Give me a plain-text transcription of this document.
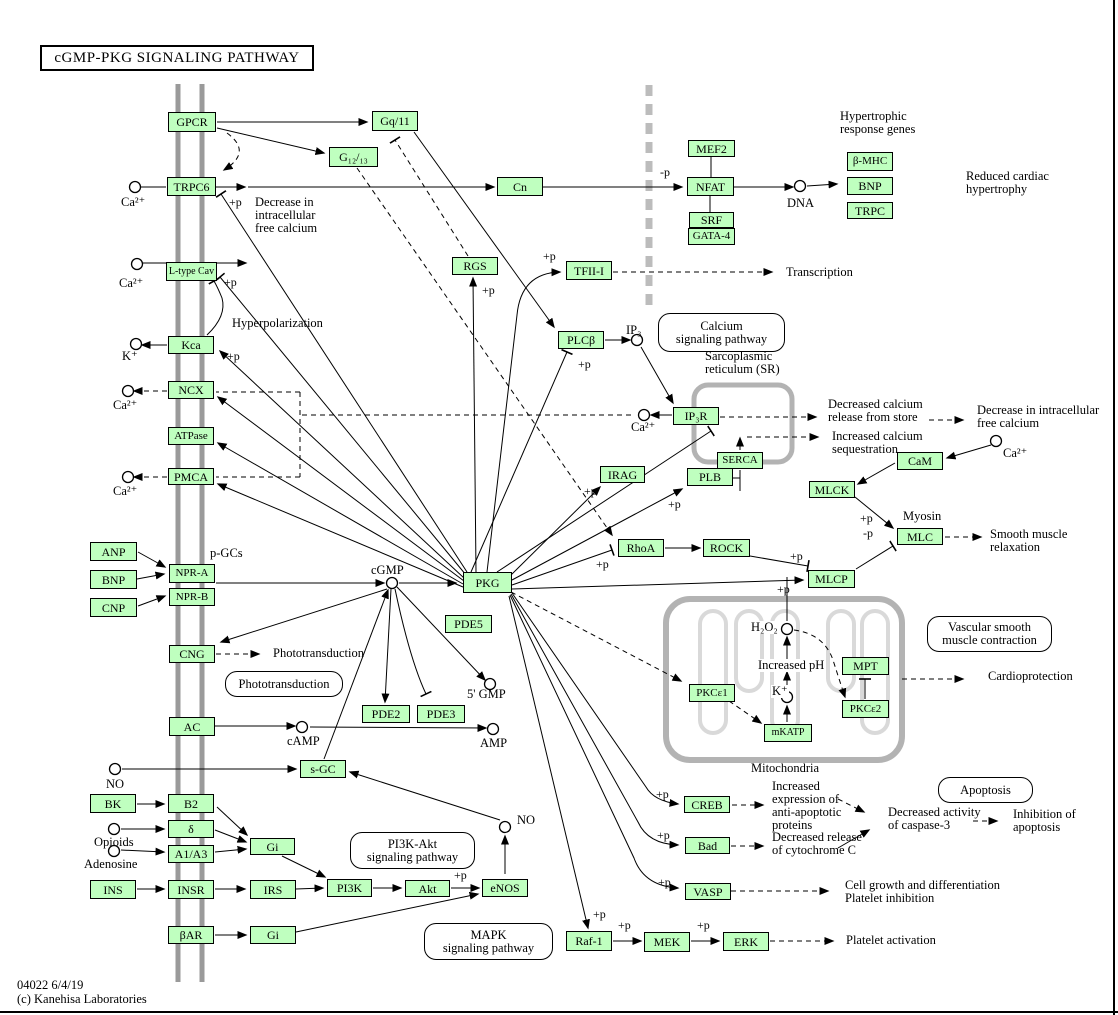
cGMP-PKG SIGNALING PATHWAY
04022 6/4/19
(c) Kanehisa Laboratories
GPCR	Gq/11
G₁₂/₁₃
TRPC6	Cn
MEF2
NFAT
SRF
GATA-4
β-MHC
BNP
TRPC
L-type Cav
Kca
NCX
ATPase
PMCA
RGS	TFII-I
PLCβ
IP₃R
SERCA
IRAG	PLB
CaM
MLCK
MLC
RhoA	ROCK
MLCP
ANP
BNP
CNP
NPR-A
NPR-B
PKG
PDE5
PDE2	PDE3
CNG
AC
s-GC
BK	B2
δ
A1/A3
Gi
INS	INSR	IRS	PI3K	Akt	eNOS
βAR	Gi
PKCε1
mKATP
MPT
PKCε2
CREB
Bad
VASP
Raf-1	MEK	ERK
Calcium
signaling pathway
Phototransduction
PI3K-Akt
signaling pathway
MAPK
signaling pathway
Apoptosis
Vascular smooth
muscle contraction
Decrease in
intracellular
free calcium
Hyperpolarization
Hypertrophic
response genes
Reduced cardiac
hypertrophy
Transcription
Sarcoplasmic
reticulum (SR)
Decreased calcium
release from store	Decrease in intracellular
free calcium
Increased calcium
sequestration
Myosin
Smooth muscle
relaxation
Mitochondria
Increased pH
Cardioprotection
Increased
expression of
anti-apoptotic
proteins
Decreased release
of cytochrome C
Decreased activity
of caspase-3
Inhibition of
apoptosis
Cell growth and differentiation
Platelet inhibition
Platelet activation
p-GCs
Phototransduction
cGMP
5' GMP
cAMP	AMP
IP₃
DNA
NO
NO
Opioids
Adenosine
Ca²⁺
Ca²⁺
K⁺
Ca²⁺
Ca²⁺
Ca²⁺
Ca²⁺
K⁺
H₂O₂
+p
+p
+p
+p
+p
+p
+p
+p
+p
+p
+p
+p
-p
+p
+p
+p
+p
+p	+p
-p
+p
